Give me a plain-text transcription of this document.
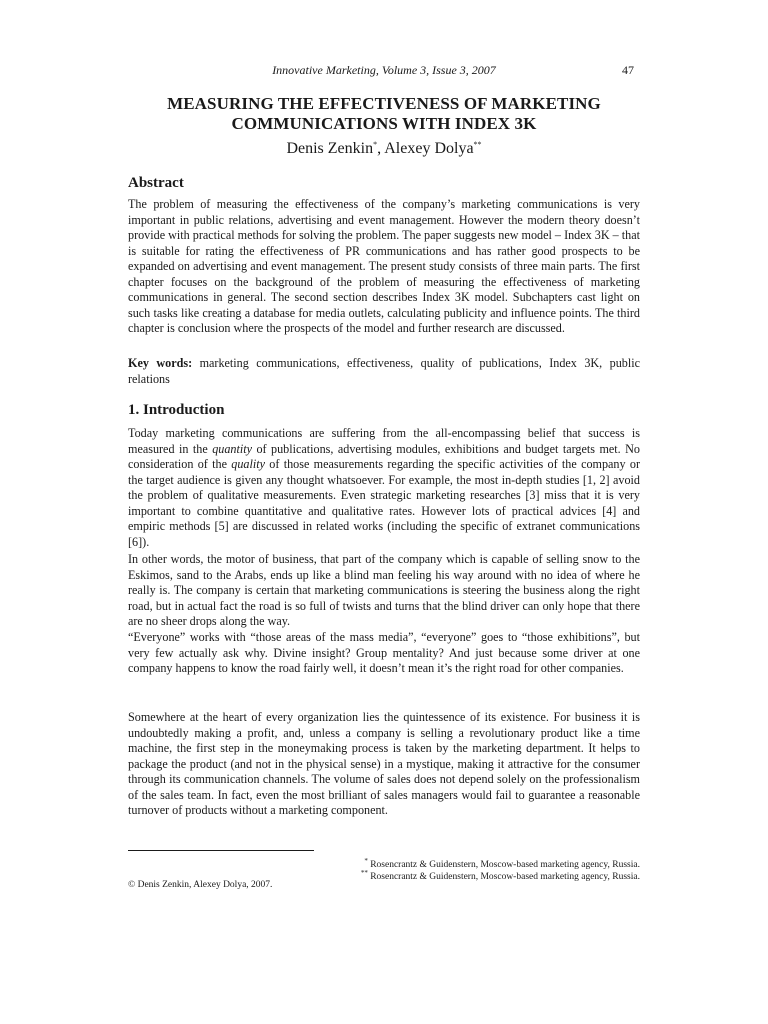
Innovative Marketing, Volume 3, Issue 3, 2007	47
MEASURING THE EFFECTIVENESS OF MARKETING
COMMUNICATIONS WITH INDEX 3K
Denis Zenkin*, Alexey Dolya**
Abstract

The problem of measuring the effectiveness of the company’s marketing communications is very important in public relations, advertising and event management. However the modern theory doesn’t provide with practical methods for solving the problem. The paper suggests new model – Index 3K – that is suitable for rating the effectiveness of PR communications and has rather good prospects to be expanded on advertising and event management. The present study consists of three main parts. The first chapter focuses on the background of the problem of measuring the effectiveness of marketing communications in general. The second section describes Index 3K model. Subchapters cast light on such tasks like creating a database for media outlets, calculating publicity and influence points. The third chapter is conclusion where the prospects of the model and further research are discussed.

Key words: marketing communications, effectiveness, quality of publications, Index 3K, public relations

1. Introduction

Today marketing communications are suffering from the all-encompassing belief that success is measured in the quantity of publications, advertising modules, exhibitions and budget targets met. No consideration of the quality of those measurements regarding the specific activities of the company or the target audience is given any thought whatsoever. For example, the most in-depth studies [1, 2] avoid the problem of qualitative measurements. Even strategic marketing researches [3] miss that it is very important to combine quantitative and qualitative rates. However lots of practical advices [4] and empiric methods [5] are discussed in related works (including the specific of extranet communications [6]).

In other words, the motor of business, that part of the company which is capable of selling snow to the Eskimos, sand to the Arabs, ends up like a blind man feeling his way around with no idea of where he really is. The company is certain that marketing communications is steering the business along the right road, but in actual fact the road is so full of twists and turns that the blind driver can only hope that there are no sheer drops along the way.

“Everyone” works with “those areas of the mass media”, “everyone” goes to “those exhibitions”, but very few actually ask why. Divine insight? Group mentality? And just because some driver at one company happens to know the road fairly well, it doesn’t mean it’s the right road for other companies.

Somewhere at the heart of every organization lies the quintessence of its existence. For business it is undoubtedly making a profit, and, unless a company is selling a revolutionary product like a time machine, the first step in the moneymaking process is taken by the marketing department. It helps to package the product (and not in the physical sense) in a mystique, making it attractive for the consumer through its communication channels. The volume of sales does not depend solely on the professionalism of the sales team. In fact, even the most brilliant of sales managers would fail to guarantee a reasonable turnover of products without a marketing component.

* Rosencrantz & Guidenstern, Moscow-based marketing agency, Russia.
** Rosencrantz & Guidenstern, Moscow-based marketing agency, Russia.
© Denis Zenkin, Alexey Dolya, 2007.
